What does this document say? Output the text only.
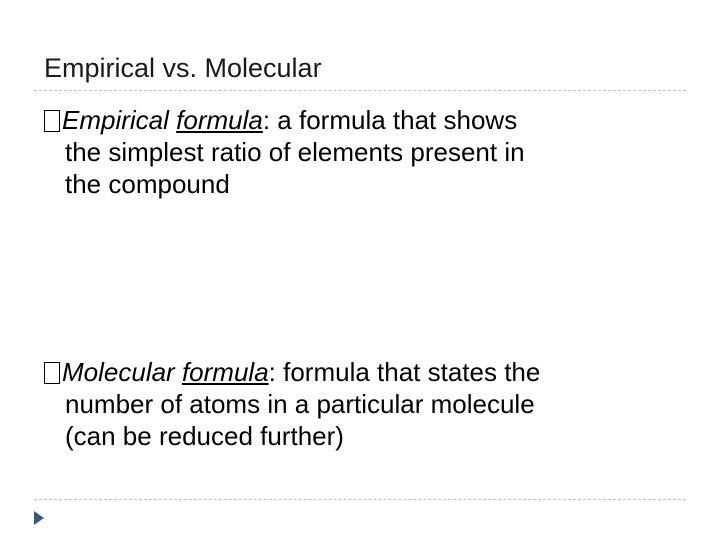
Empirical vs. Molecular
Empirical formula: a formula that shows
the simplest ratio of elements present in
the compound
Molecular formula: formula that states the
number of atoms in a particular molecule
(can be reduced further)
